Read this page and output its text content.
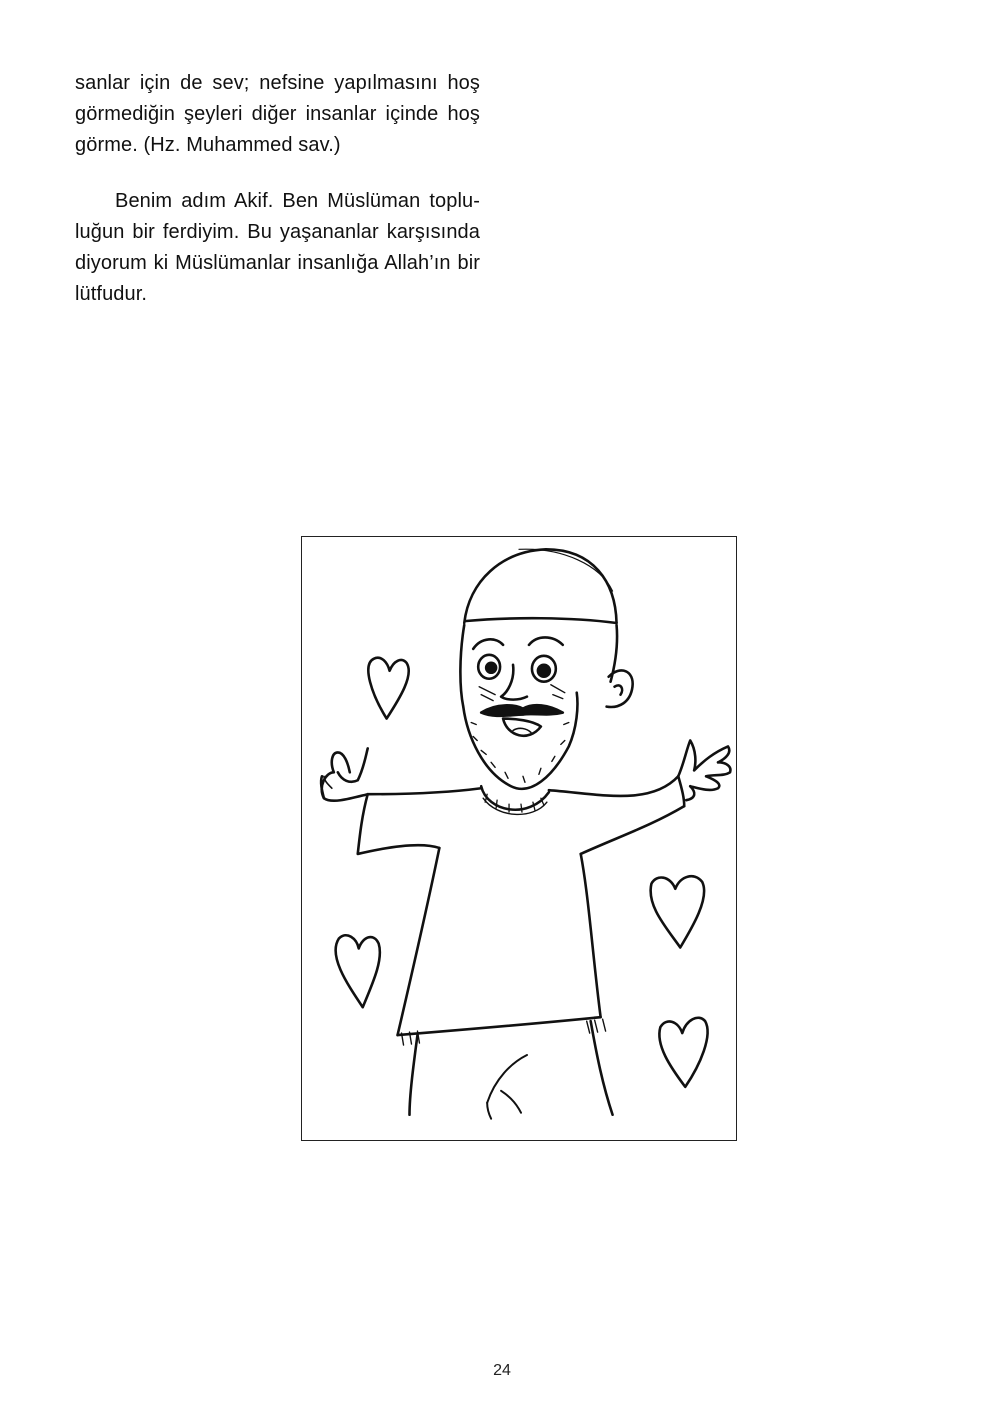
sanlar için de sev; nefsine yapılmasını hoş görmediğin şeyleri diğer insanlar içinde hoş görme. (Hz. Muhammed sav.)

Benim adım Akif. Ben Müslüman toplu-luğun bir ferdiyim. Bu yaşananlar karşısında diyorum ki Müslümanlar insanlığa Allah’ın bir lütfudur.

24
